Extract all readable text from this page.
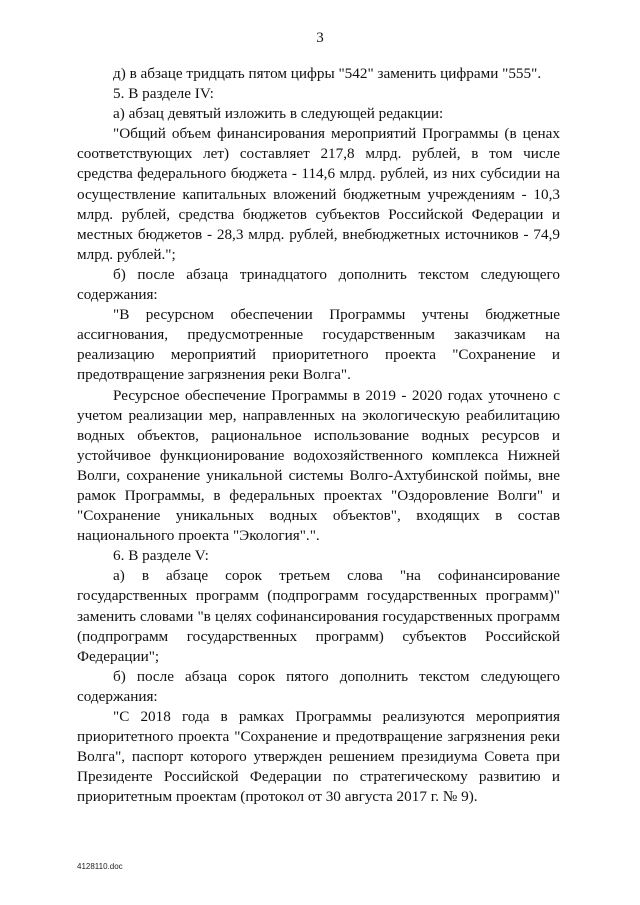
3

д) в абзаце тридцать пятом цифры "542" заменить цифрами "555".

5. В разделе IV:

а) абзац девятый изложить в следующей редакции:

"Общий объем финансирования мероприятий Программы (в ценах соответствующих лет) составляет 217,8 млрд. рублей, в том числе средства федерального бюджета - 114,6 млрд. рублей, из них субсидии на осуществление капитальных вложений бюджетным учреждениям - 10,3 млрд. рублей, средства бюджетов субъектов Российской Федерации и местных бюджетов - 28,3 млрд. рублей, внебюджетных источников - 74,9 млрд. рублей.";

б) после абзаца тринадцатого дополнить текстом следующего содержания:

"В ресурсном обеспечении Программы учтены бюджетные ассигнования, предусмотренные государственным заказчикам на реализацию мероприятий приоритетного проекта "Сохранение и предотвращение загрязнения реки Волга".

Ресурсное обеспечение Программы в 2019 - 2020 годах уточнено с учетом реализации мер, направленных на экологическую реабилитацию водных объектов, рациональное использование водных ресурсов и устойчивое функционирование водохозяйственного комплекса Нижней Волги, сохранение уникальной системы Волго-Ахтубинской поймы, вне рамок Программы, в федеральных проектах "Оздоровление Волги" и "Сохранение уникальных водных объектов", входящих в состав национального проекта "Экология".".

6. В разделе V:

а) в абзаце сорок третьем слова "на софинансирование государственных программ (подпрограмм государственных программ)" заменить словами "в целях софинансирования государственных программ (подпрограмм государственных программ) субъектов Российской Федерации";

б) после абзаца сорок пятого дополнить текстом следующего содержания:

"С 2018 года в рамках Программы реализуются мероприятия приоритетного проекта "Сохранение и предотвращение загрязнения реки Волга", паспорт которого утвержден решением президиума Совета при Президенте Российской Федерации по стратегическому развитию и приоритетным проектам (протокол от 30 августа 2017 г. № 9).

4128110.doc
